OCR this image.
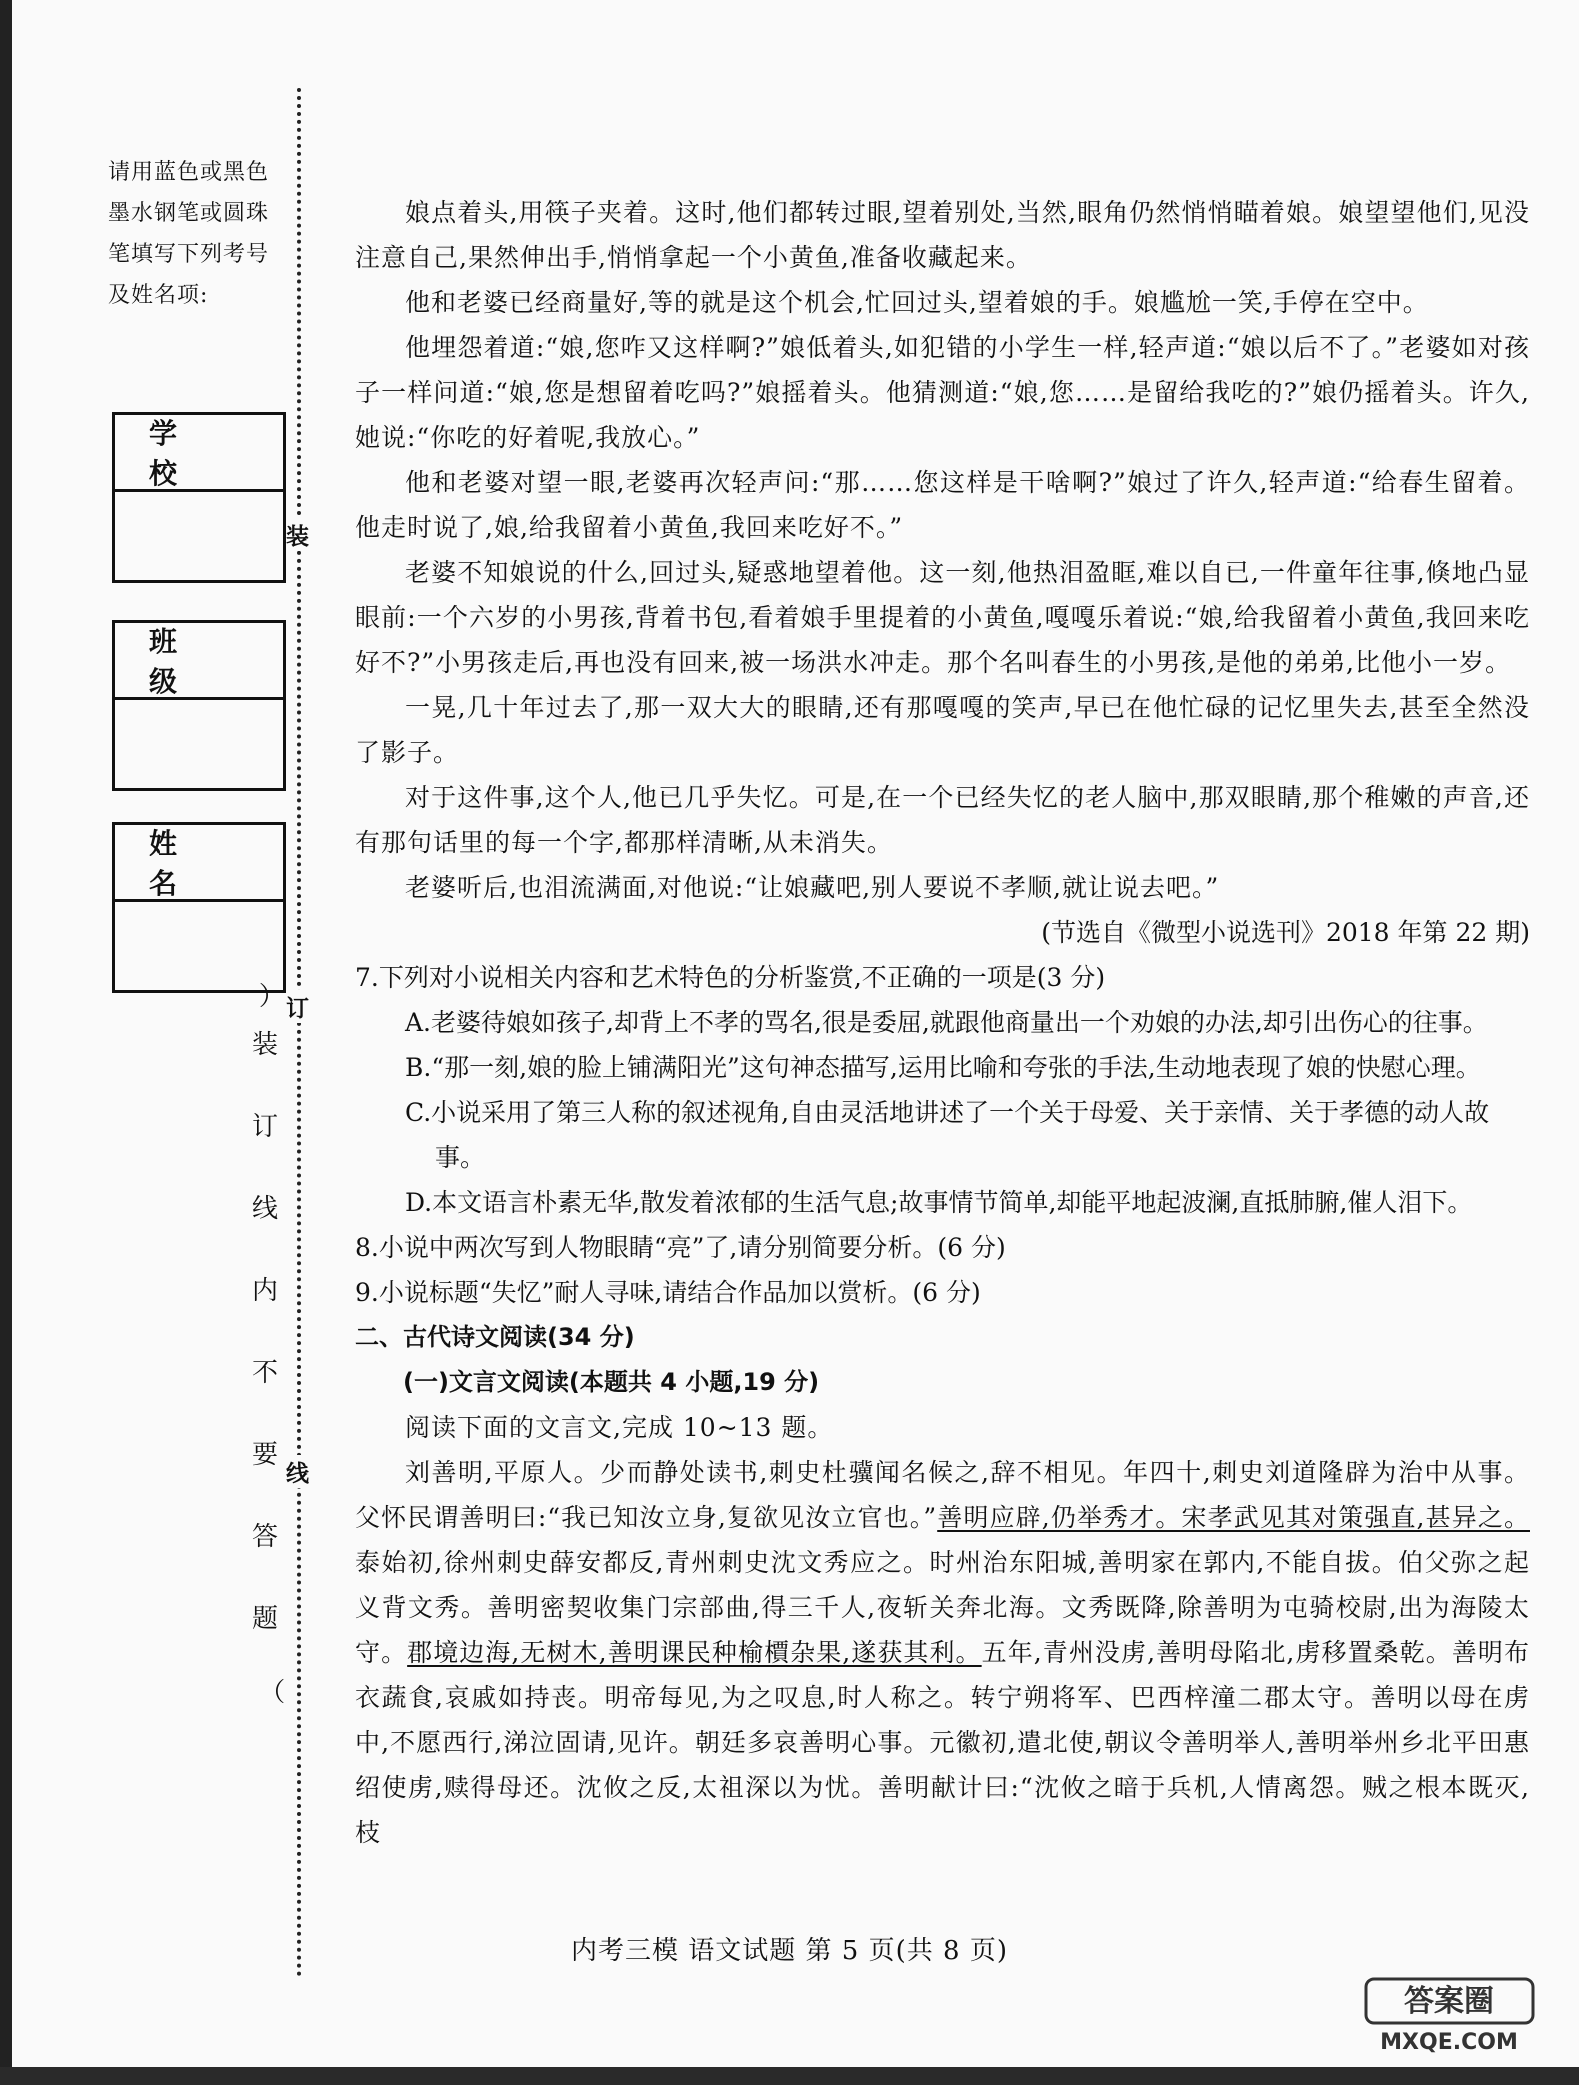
请用蓝色或黑色墨水钢笔或圆珠笔填写下列考号及姓名项:
学 校
班 级
姓 名
装
订
线
︵
装
订
线
内
不
要
答
题
︶

娘点着头,用筷子夹着。这时,他们都转过眼,望着别处,当然,眼角仍然悄悄瞄着娘。娘望望他们,见没注意自己,果然伸出手,悄悄拿起一个小黄鱼,准备收藏起来。

他和老婆已经商量好,等的就是这个机会,忙回过头,望着娘的手。娘尴尬一笑,手停在空中。

他埋怨着道:“娘,您咋又这样啊?”娘低着头,如犯错的小学生一样,轻声道:“娘以后不了。”老婆如对孩子一样问道:“娘,您是想留着吃吗?”娘摇着头。他猜测道:“娘,您……是留给我吃的?”娘仍摇着头。许久,她说:“你吃的好着呢,我放心。”

他和老婆对望一眼,老婆再次轻声问:“那……您这样是干啥啊?”娘过了许久,轻声道:“给春生留着。他走时说了,娘,给我留着小黄鱼,我回来吃好不。”

老婆不知娘说的什么,回过头,疑惑地望着他。这一刻,他热泪盈眶,难以自已,一件童年往事,倏地凸显眼前:一个六岁的小男孩,背着书包,看着娘手里提着的小黄鱼,嘎嘎乐着说:“娘,给我留着小黄鱼,我回来吃好不?”小男孩走后,再也没有回来,被一场洪水冲走。那个名叫春生的小男孩,是他的弟弟,比他小一岁。

一晃,几十年过去了,那一双大大的眼睛,还有那嘎嘎的笑声,早已在他忙碌的记忆里失去,甚至全然没了影子。

对于这件事,这个人,他已几乎失忆。可是,在一个已经失忆的老人脑中,那双眼睛,那个稚嫩的声音,还有那句话里的每一个字,都那样清晰,从未消失。

老婆听后,也泪流满面,对他说:“让娘藏吧,别人要说不孝顺,就让说去吧。”

(节选自《微型小说选刊》2018 年第 22 期)

7.下列对小说相关内容和艺术特色的分析鉴赏,不正确的一项是(3 分)

A.老婆待娘如孩子,却背上不孝的骂名,很是委屈,就跟他商量出一个劝娘的办法,却引出伤心的往事。

B.“那一刻,娘的脸上铺满阳光”这句神态描写,运用比喻和夸张的手法,生动地表现了娘的快慰心理。

C.小说采用了第三人称的叙述视角,自由灵活地讲述了一个关于母爱、关于亲情、关于孝德的动人故事。

D.本文语言朴素无华,散发着浓郁的生活气息;故事情节简单,却能平地起波澜,直抵肺腑,催人泪下。

8.小说中两次写到人物眼睛“亮”了,请分别简要分析。(6 分)

9.小说标题“失忆”耐人寻味,请结合作品加以赏析。(6 分)

二、古代诗文阅读(34 分)

(一)文言文阅读(本题共 4 小题,19 分)

阅读下面的文言文,完成 10~13 题。

刘善明,平原人。少而静处读书,刺史杜骥闻名候之,辞不相见。年四十,刺史刘道隆辟为治中从事。父怀民谓善明曰:“我已知汝立身,复欲见汝立官也。”善明应辟,仍举秀才。宋孝武见其对策强直,甚异之。泰始初,徐州刺史薛安都反,青州刺史沈文秀应之。时州治东阳城,善明家在郭内,不能自拔。伯父弥之起义背文秀。善明密契收集门宗部曲,得三千人,夜斩关奔北海。文秀既降,除善明为屯骑校尉,出为海陵太守。郡境边海,无树木,善明课民种榆檟杂果,遂获其利。五年,青州没虏,善明母陷北,虏移置桑乾。善明布衣蔬食,哀戚如持丧。明帝每见,为之叹息,时人称之。转宁朔将军、巴西梓潼二郡太守。善明以母在虏中,不愿西行,涕泣固请,见许。朝廷多哀善明心事。元徽初,遣北使,朝议令善明举人,善明举州乡北平田惠绍使虏,赎得母还。沈攸之反,太祖深以为忧。善明献计曰:“沈攸之暗于兵机,人情离怨。贼之根本既灭,枝

内考三模 语文试题 第 5 页(共 8 页)
答案圈
MXQE.COM
